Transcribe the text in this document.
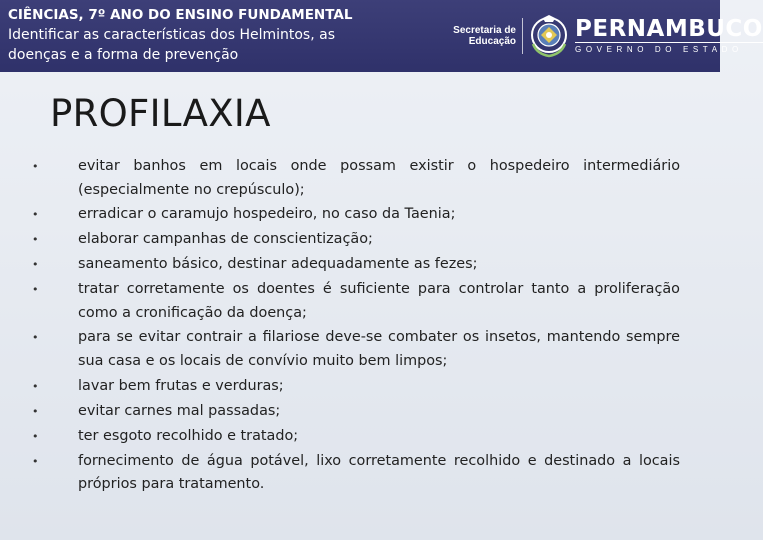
CIÊNCIAS, 7º ANO DO ENSINO FUNDAMENTAL
Identificar as características dos Helmintos, as
doenças e a forma de prevenção
Secretaria de
Educação	PERNAMBUCO
GOVERNO DO ESTADO
PROFILAXIA
•	evitar banhos em locais onde possam existir o hospedeiro intermediário (especialmente no crepúsculo);
•	erradicar o caramujo hospedeiro, no caso da Taenia;
•	elaborar campanhas de conscientização;
•	saneamento básico, destinar adequadamente as fezes;
•	tratar corretamente os doentes é suficiente para controlar tanto a proliferação como a cronificação da doença;
•	para se evitar contrair a filariose deve-se combater os insetos, mantendo sempre sua casa e os locais de convívio muito bem limpos;
•	lavar bem frutas e verduras;
•	evitar carnes mal passadas;
•	ter esgoto recolhido e tratado;
•	fornecimento de água potável, lixo corretamente recolhido e destinado a locais próprios para tratamento.
